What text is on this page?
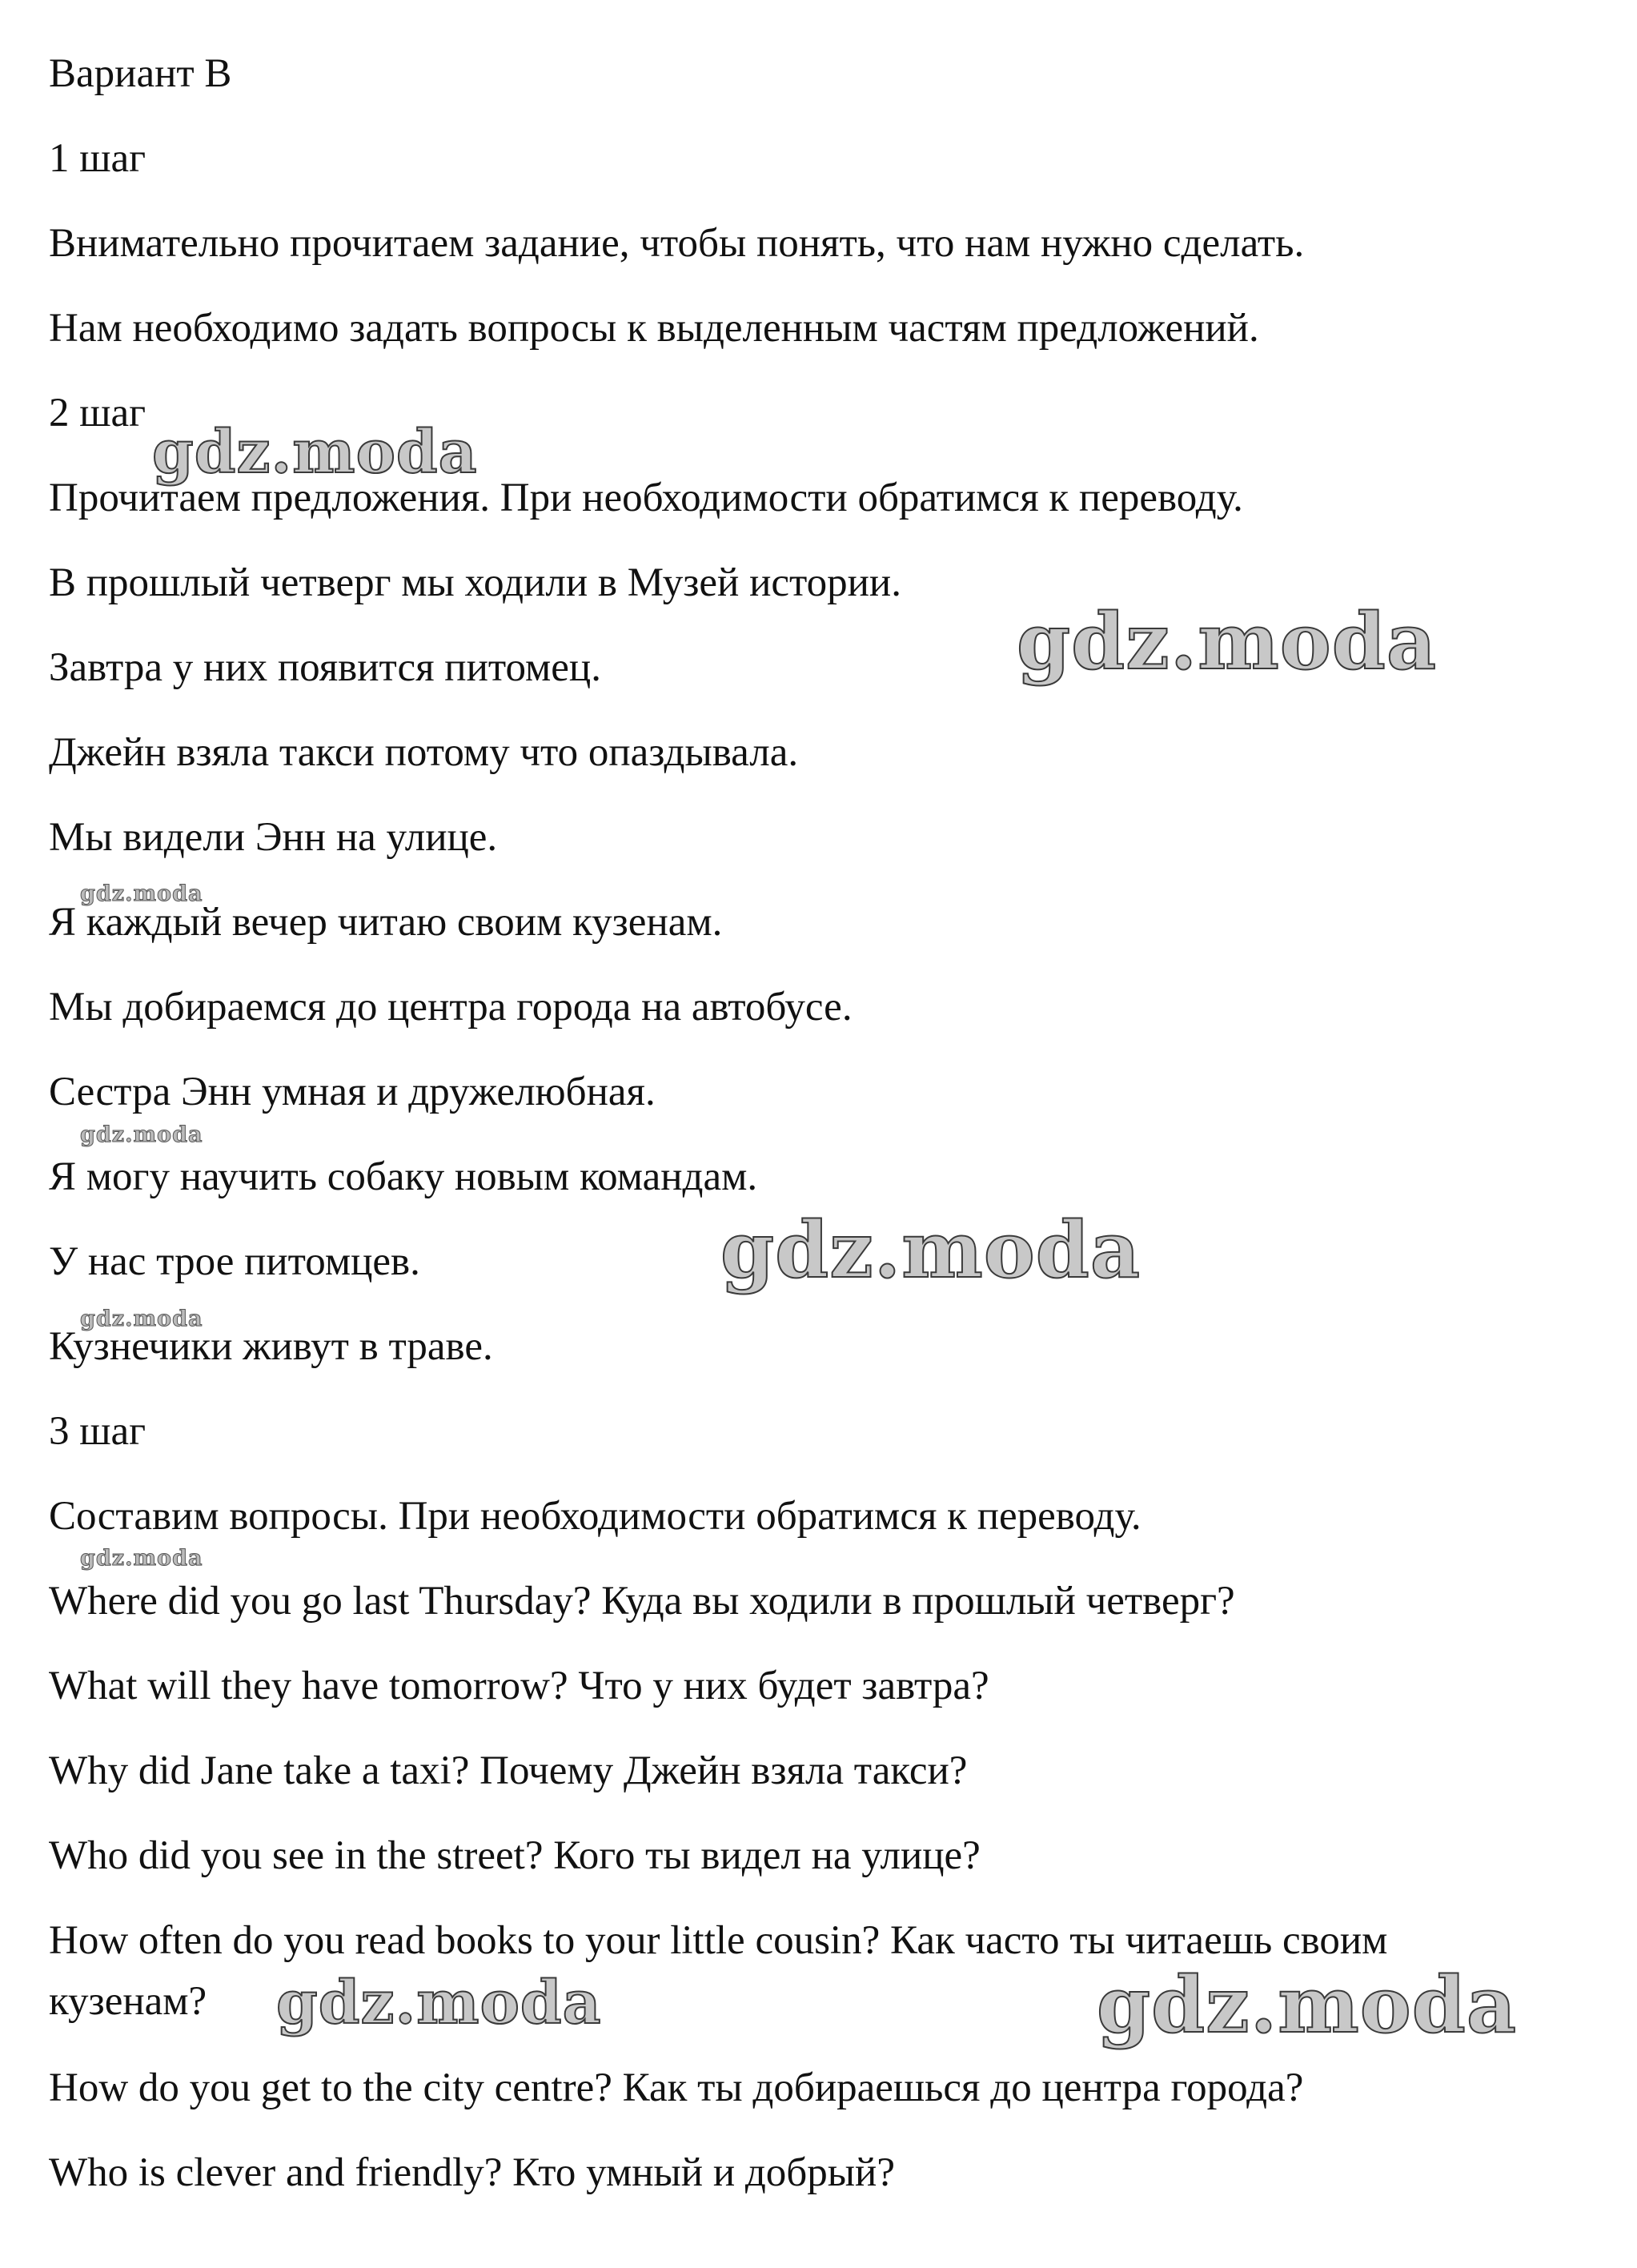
Вариант В

1 шаг

Внимательно прочитаем задание, чтобы понять, что нам нужно сделать.

Нам необходимо задать вопросы к выделенным частям предложений.

2 шаг

Прочитаем предложения. При необходимости обратимся к переводу.

В прошлый четверг мы ходили в Музей истории.

Завтра у них появится питомец.

Джейн взяла такси потому что опаздывала.

Мы видели Энн на улице.

Я каждый вечер читаю своим кузенам.

Мы добираемся до центра города на автобусе.

Сестра Энн умная и дружелюбная.

Я могу научить собаку новым командам.

У нас трое питомцев.

Кузнечики живут в траве.

3 шаг

Составим вопросы. При необходимости обратимся к переводу.

Where did you go last Thursday? Куда вы ходили в прошлый четверг?

What will they have tomorrow? Что у них будет завтра?

Why did Jane take a taxi? Почему Джейн взяла такси?

Who did you see in the street? Кого ты видел на улице?

How often do you read books to your little cousin? Как часто ты читаешь своим

кузенам?

How do you get to the city centre? Как ты добираешься до центра города?

Who is clever and friendly? Кто умный и добрый?

gdz.moda
gdz.moda
gdz.moda
gdz.moda
gdz.moda
gdz.moda
gdz.moda
gdz.moda	gdz.moda
